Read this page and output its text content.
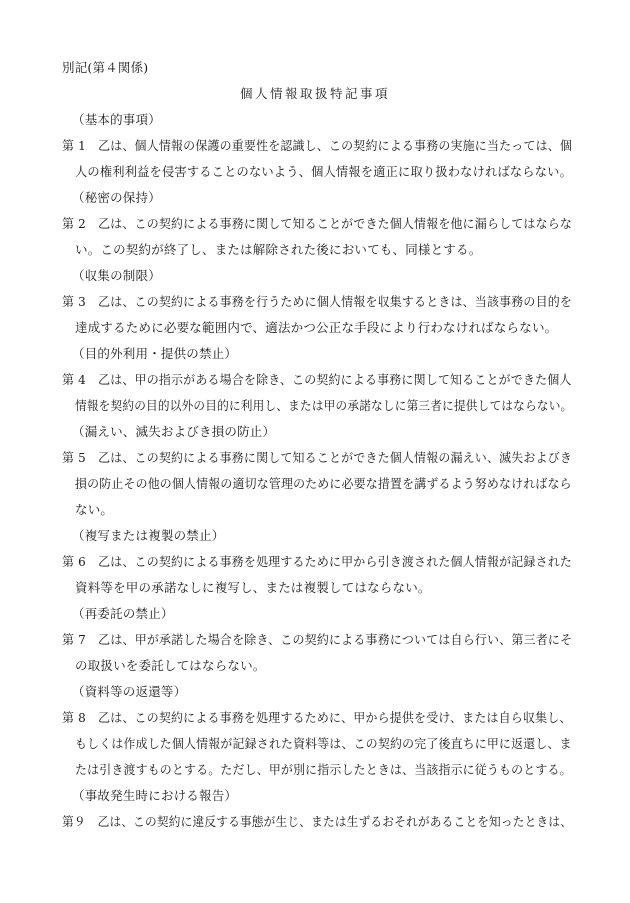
別記(第４関係)
個人情報取扱特記事項
（基本的事項）
第 1　乙は、個人情報の保護の重要性を認識し、この契約による事務の実施に当たっては、個
人の権利利益を侵害することのないよう、個人情報を適正に取り扱わなければならない。
（秘密の保持）
第 2　乙は、この契約による事務に関して知ることができた個人情報を他に漏らしてはならな
い。この契約が終了し、または解除された後においても、同様とする。
（収集の制限）
第 3　乙は、この契約による事務を行うために個人情報を収集するときは、当該事務の目的を
達成するために必要な範囲内で、適法かつ公正な手段により行わなければならない。
（目的外利用・提供の禁止）
第 4　乙は、甲の指示がある場合を除き、この契約による事務に関して知ることができた個人
情報を契約の目的以外の目的に利用し、または甲の承諾なしに第三者に提供してはならない。
（漏えい、滅失およびき損の防止）
第 5　乙は、この契約による事務に関して知ることができた個人情報の漏えい、滅失およびき
損の防止その他の個人情報の適切な管理のために必要な措置を講ずるよう努めなければなら
ない。
（複写または複製の禁止）
第 6　乙は、この契約による事務を処理するために甲から引き渡された個人情報が記録された
資料等を甲の承諾なしに複写し、または複製してはならない。
（再委託の禁止）
第 7　乙は、甲が承諾した場合を除き、この契約による事務については自ら行い、第三者にそ
の取扱いを委託してはならない。
（資料等の返還等）
第 8　乙は、この契約による事務を処理するために、甲から提供を受け、または自ら収集し、
もしくは作成した個人情報が記録された資料等は、この契約の完了後直ちに甲に返還し、ま
たは引き渡すものとする。ただし、甲が別に指示したときは、当該指示に従うものとする。
（事故発生時における報告）
第９　乙は、この契約に違反する事態が生じ、または生ずるおそれがあることを知ったときは、
